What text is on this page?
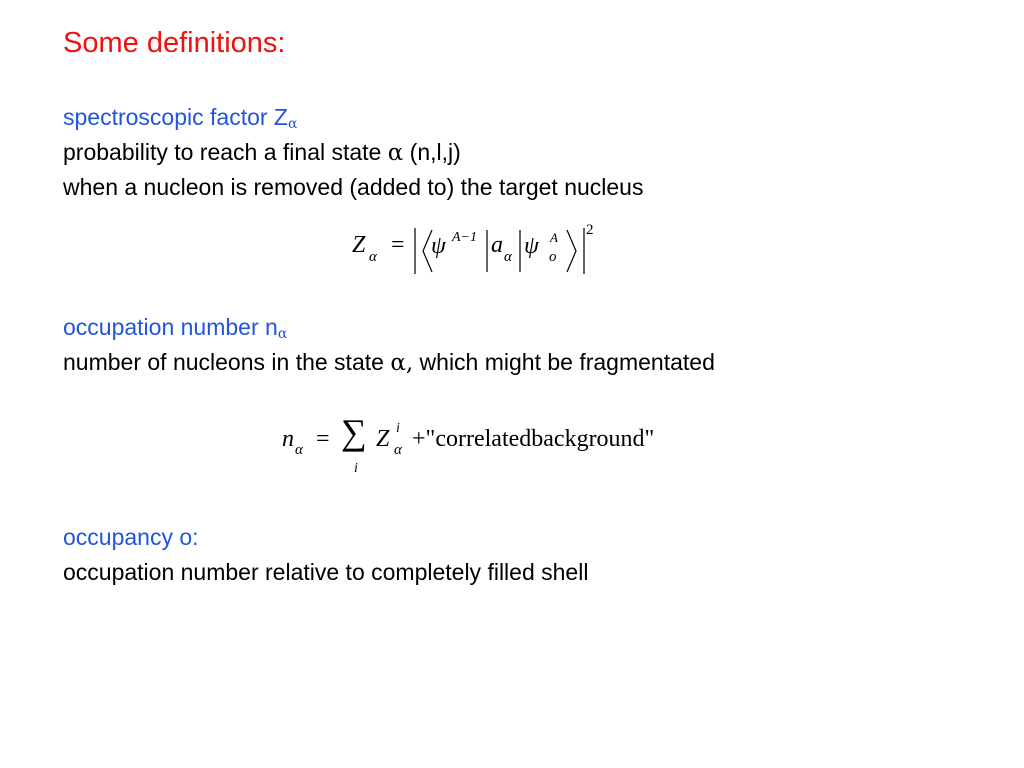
Some definitions:
spectroscopic factor $Z_\alpha$
probability to reach a final state α (n,l,j)
when a nucleon is removed (added to) the target nucleus
Z α = ψ A−1 a α ψ A
o
2
occupation number $n_\alpha$
number of nucleons in the state α, which might be fragmentated
n α = ∑
i
Z i
α +"correlatedbackground"
occupancy o:
occupation number relative to completely filled shell
